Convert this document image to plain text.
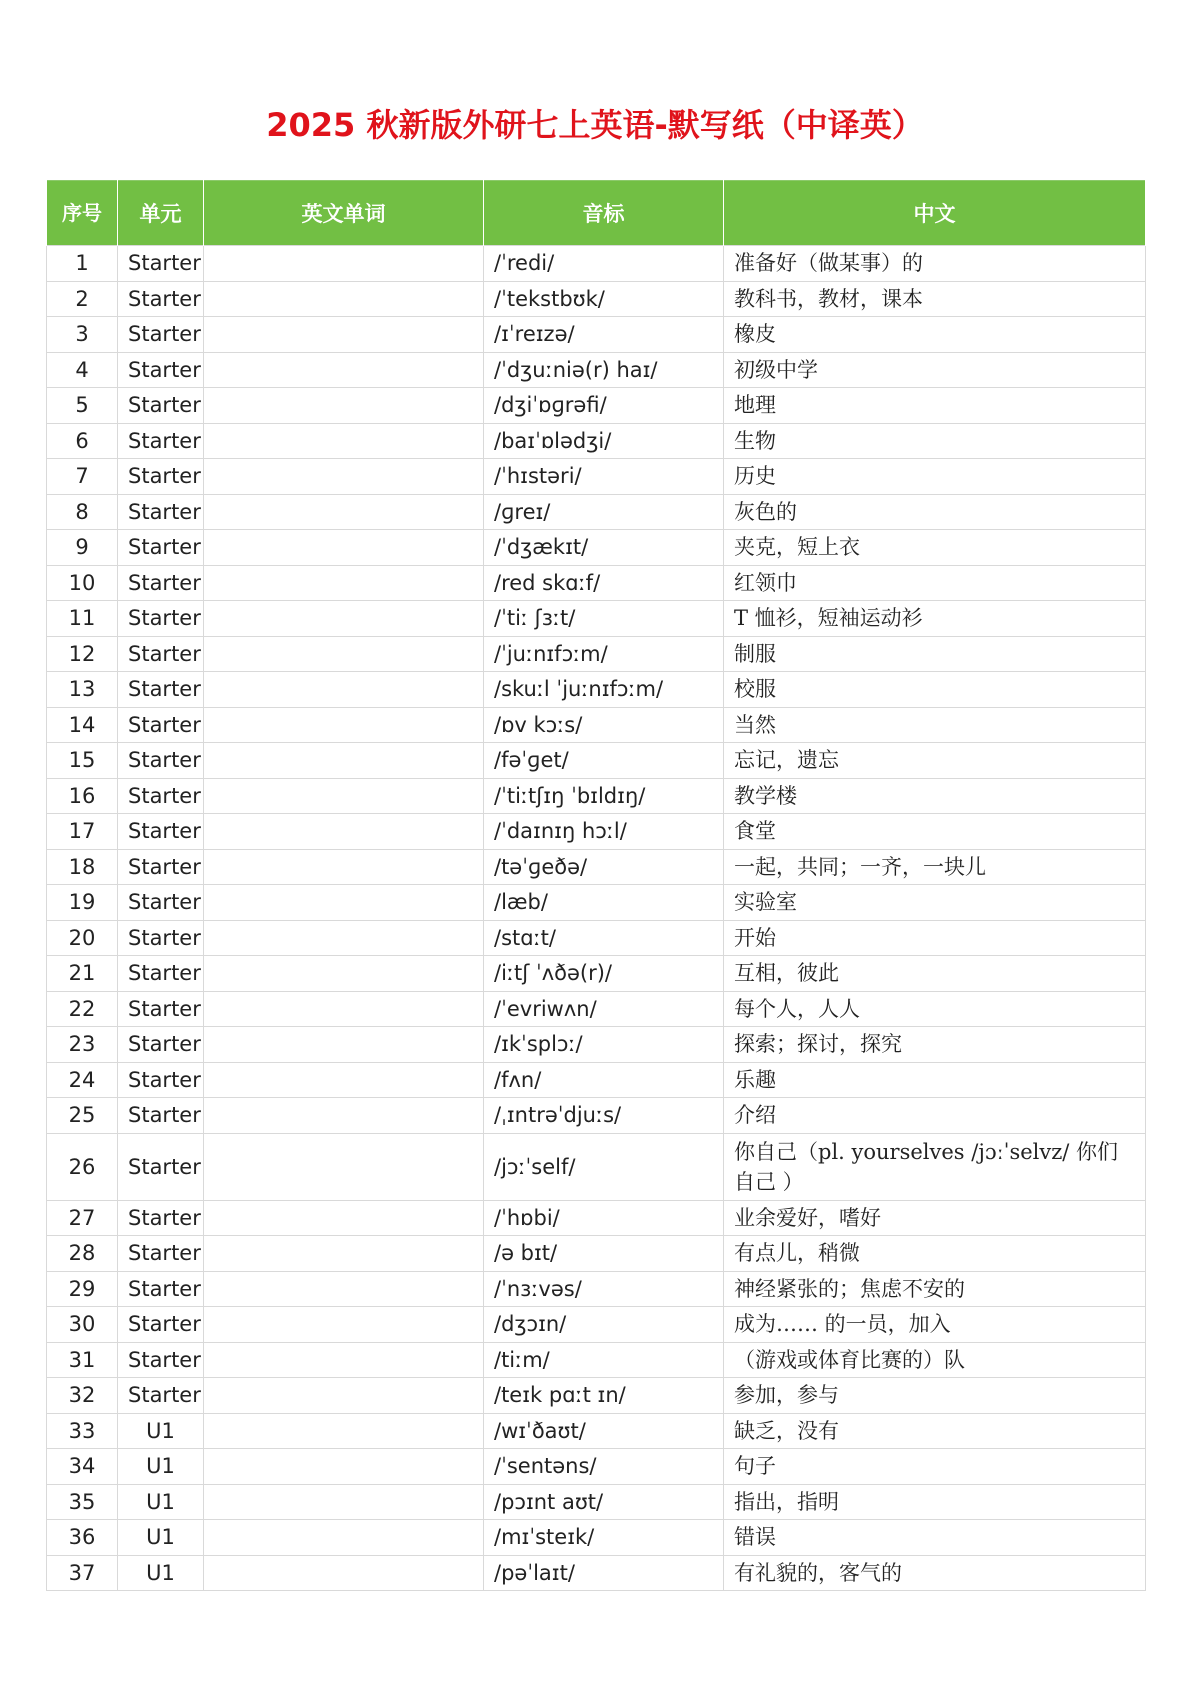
2025 秋新版外研七上英语-默写纸（中译英）
序号	单元	英文单词	音标	中文
1	Starter		/ˈredi/	准备好（做某事）的
2	Starter		/ˈtekstbʊk/	教科书，教材，课本
3	Starter		/ɪˈreɪzə/	橡皮
4	Starter		/ˈdʒuːniə(r) haɪ/	初级中学
5	Starter		/dʒiˈɒɡrəfi/	地理
6	Starter		/baɪˈɒlədʒi/	生物
7	Starter		/ˈhɪstəri/	历史
8	Starter		/ɡreɪ/	灰色的
9	Starter		/ˈdʒækɪt/	夹克，短上衣
10	Starter		/red skɑːf/	红领巾
11	Starter		/ˈtiː ʃɜːt/	T 恤衫，短袖运动衫
12	Starter		/ˈjuːnɪfɔːm/	制服
13	Starter		/skuːl ˈjuːnɪfɔːm/	校服
14	Starter		/ɒv kɔːs/	当然
15	Starter		/fəˈɡet/	忘记，遗忘
16	Starter		/ˈtiːtʃɪŋ ˈbɪldɪŋ/	教学楼
17	Starter		/ˈdaɪnɪŋ hɔːl/	食堂
18	Starter		/təˈɡeðə/	一起，共同；一齐，一块儿
19	Starter		/læb/	实验室
20	Starter		/stɑːt/	开始
21	Starter		/iːtʃ ˈʌðə(r)/	互相，彼此
22	Starter		/ˈevriwʌn/	每个人，人人
23	Starter		/ɪkˈsplɔː/	探索；探讨，探究
24	Starter		/fʌn/	乐趣
25	Starter		/ˌɪntrəˈdjuːs/	介绍
26	Starter		/jɔːˈself/	你自己（pl. yourselves /jɔːˈselvz/ 你们自己 ）
27	Starter		/ˈhɒbi/	业余爱好，嗜好
28	Starter		/ə bɪt/	有点儿，稍微
29	Starter		/ˈnɜːvəs/	神经紧张的；焦虑不安的
30	Starter		/dʒɔɪn/	成为…… 的一员，加入
31	Starter		/tiːm/	（游戏或体育比赛的）队
32	Starter		/teɪk pɑːt ɪn/	参加，参与
33	U1		/wɪˈðaʊt/	缺乏，没有
34	U1		/ˈsentəns/	句子
35	U1		/pɔɪnt aʊt/	指出，指明
36	U1		/mɪˈsteɪk/	错误
37	U1		/pəˈlaɪt/	有礼貌的，客气的
